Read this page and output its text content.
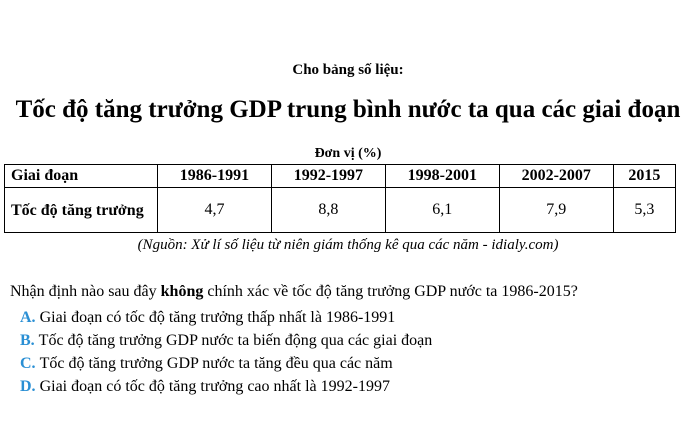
Cho bảng số liệu:
Tốc độ tăng trưởng GDP trung bình nước ta qua các giai đoạn
Đơn vị (%)
Giai đoạn	1986-1991	1992-1997	1998-2001	2002-2007	2015
Tốc độ tăng trưởng	4,7	8,8	6,1	7,9	5,3
(Nguồn: Xử lí số liệu từ niên giám thống kê qua các năm - idialy.com)
Nhận định nào sau đây không chính xác về tốc độ tăng trưởng GDP nước ta 1986-2015?
A. Giai đoạn có tốc độ tăng trưởng thấp nhất là 1986-1991
B. Tốc độ tăng trưởng GDP nước ta biến động qua các giai đoạn
C. Tốc độ tăng trưởng GDP nước ta tăng đều qua các năm
D. Giai đoạn có tốc độ tăng trưởng cao nhất là 1992-1997
